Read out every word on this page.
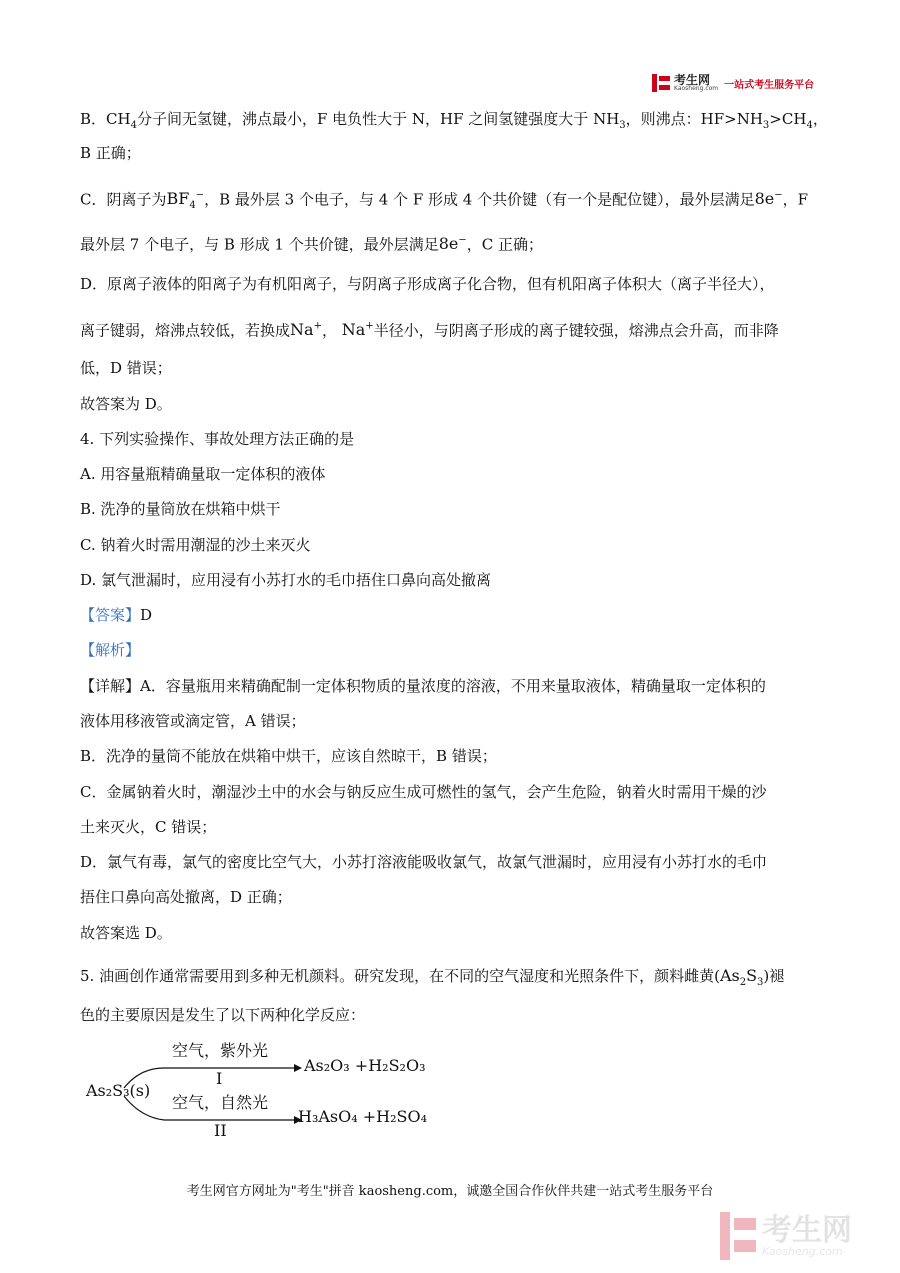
考生网
Kaosheng.com 一站式考生服务平台
B．$CH_4$分子间无氢键，沸点最小，F 电负性大于 N，HF 之间氢键强度大于 $NH_3$，则沸点：$HF>NH_3>CH_4$，
B 正确；
C．阴离子为$BF_4^-$，B 最外层 3 个电子，与 4 个 F 形成 4 个共价键（有一个是配位键），最外层满足8e−，F
最外层 7 个电子，与 B 形成 1 个共价键，最外层满足8e−，C 正确；
D．原离子液体的阳离子为有机阳离子，与阴离子形成离子化合物，但有机阳离子体积大（离子半径大），
离子键弱，熔沸点较低，若换成Na+， Na+半径小，与阴离子形成的离子键较强，熔沸点会升高，而非降
低，D 错误；
故答案为 D。
4. 下列实验操作、事故处理方法正确的是
A. 用容量瓶精确量取一定体积的液体
B. 洗净的量筒放在烘箱中烘干
C. 钠着火时需用潮湿的沙土来灭火
D. 氯气泄漏时，应用浸有小苏打水的毛巾捂住口鼻向高处撤离
【答案】D
【解析】
【详解】A．容量瓶用来精确配制一定体积物质的量浓度的溶液，不用来量取液体，精确量取一定体积的
液体用移液管或滴定管，A 错误；
B．洗净的量筒不能放在烘箱中烘干，应该自然晾干，B 错误；
C．金属钠着火时，潮湿沙土中的水会与钠反应生成可燃性的氢气，会产生危险，钠着火时需用干燥的沙
土来灭火，C 错误；
D．氯气有毒，氯气的密度比空气大，小苏打溶液能吸收氯气，故氯气泄漏时，应用浸有小苏打水的毛巾
捂住口鼻向高处撤离，D 正确；
故答案选 D。
5. 油画创作通常需要用到多种无机颜料。研究发现，在不同的空气湿度和光照条件下，颜料雌黄$(As_2S_3)$褪
色的主要原因是发生了以下两种化学反应：
空气，紫外光
I
As₂O₃ +H₂S₂O₃
As₂S₃(s)
空气，自然光
II
H₃AsO₄ +H₂SO₄
考生网官方网址为"考生"拼音 kaosheng.com，诚邀全国合作伙伴共建一站式考生服务平台
考生网
Kaosheng.com
